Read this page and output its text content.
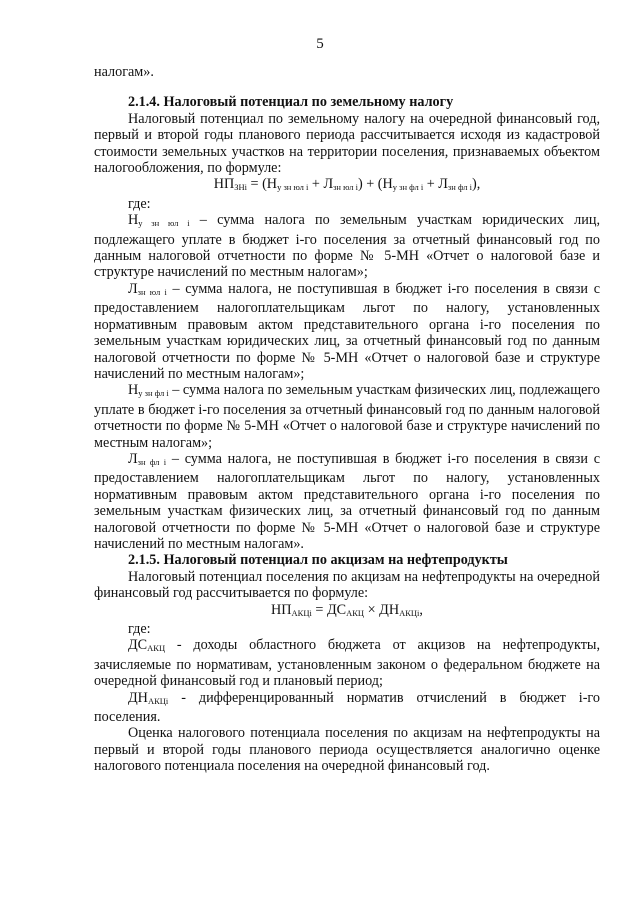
5

налогам».

2.1.4. Налоговый потенциал по земельному налогу

Налоговый потенциал по земельному налогу на очередной финансовый год, первый и второй годы планового периода рассчитывается исходя из кадастровой стоимости земельных участков на территории поселения, признаваемых объектом налогообложения, по формуле:

$НП_{ЗНi} = (Н_{у зн юл i} + Л_{зн юл i}) + (Н_{у зн фл i} + Л_{зн фл i})$,

где:

$Н_{у зн юл i}$ – сумма налога по земельным участкам юридических лиц, подлежащего уплате в бюджет i-го поселения за отчетный финансовый год по данным налоговой отчетности по форме № 5-МН «Отчет о налоговой базе и структуре начислений по местным налогам»;

$Л_{зн юл i}$ – сумма налога, не поступившая в бюджет i-го поселения в связи с предоставлением налогоплательщикам льгот по налогу, установленных нормативным правовым актом представительного органа i-го поселения по земельным участкам юридических лиц, за отчетный финансовый год по данным налоговой отчетности по форме № 5-МН «Отчет о налоговой базе и структуре начислений по местным налогам»;

$Н_{у зн фл i}$ – сумма налога по земельным участкам физических лиц, подлежащего уплате в бюджет i-го поселения за отчетный финансовый год по данным налоговой отчетности по форме № 5-МН «Отчет о налоговой базе и структуре начислений по местным налогам»;

$Л_{зн фл i}$ – сумма налога, не поступившая в бюджет i-го поселения в связи с предоставлением налогоплательщикам льгот по налогу, установленных нормативным правовым актом представительного органа i-го поселения по земельным участкам физических лиц, за отчетный финансовый год по данным налоговой отчетности по форме № 5-МН «Отчет о налоговой базе и структуре начислений по местным налогам».

2.1.5. Налоговый потенциал по акцизам на нефтепродукты

Налоговый потенциал поселения по акцизам на нефтепродукты на очередной финансовый год рассчитывается по формуле:

$НП_{АКЦi} = ДС_{АКЦ} \times ДН_{АКЦi}$,

где:

$ДС_{АКЦ}$ - доходы областного бюджета от акцизов на нефтепродукты, зачисляемые по нормативам, установленным законом о федеральном бюджете на очередной финансовый год и плановый период;

$ДН_{АКЦi}$ - дифференцированный норматив отчислений в бюджет i-го поселения.

Оценка налогового потенциала поселения по акцизам на нефтепродукты на первый и второй годы планового периода осуществляется аналогично оценке налогового потенциала поселения на очередной финансовый год.
